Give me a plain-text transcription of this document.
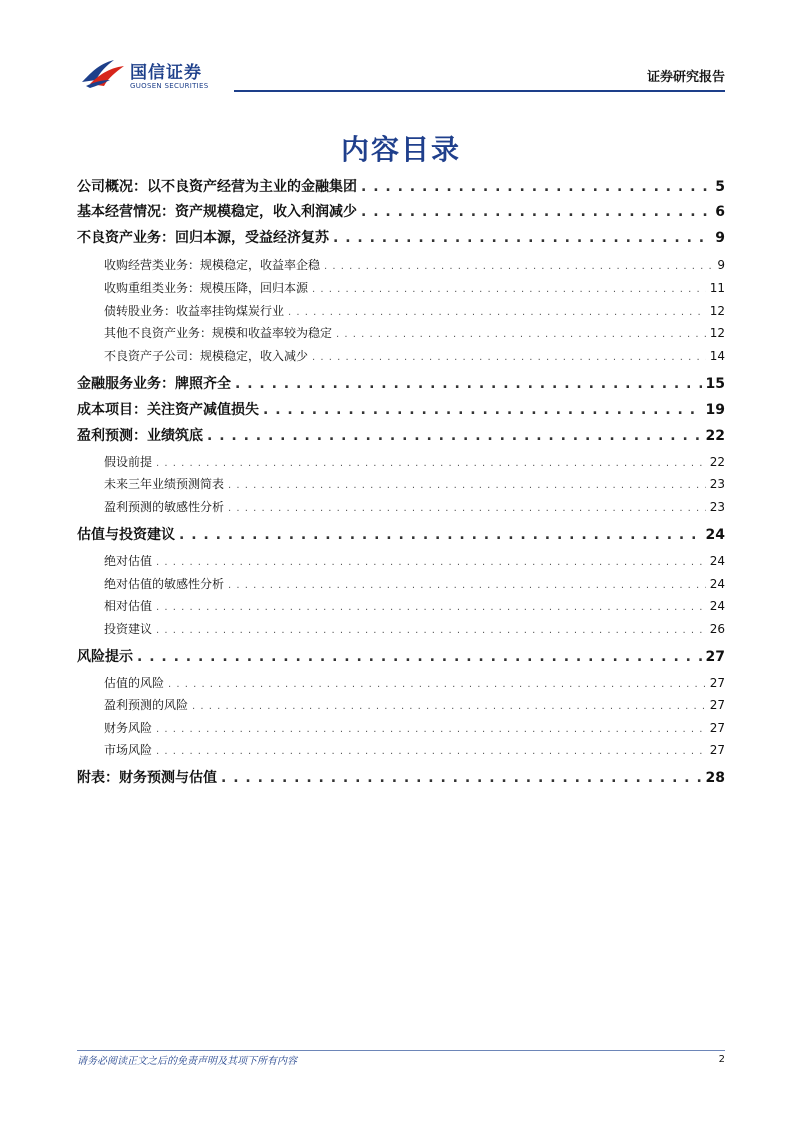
国信证券
GUOSEN SECURITIES
证券研究报告
内容目录
公司概况：以不良资产经营为主业的金融集团 . . .	5
基本经营情况：资产规模稳定，收入利润减少 . . .	6
不良资产业务：回归本源，受益经济复苏 . . .	9
收购经营类业务：规模稳定，收益率企稳 . . .	9
收购重组类业务：规模压降，回归本源 . . .	11
债转股业务：收益率挂钩煤炭行业 . . .	12
其他不良资产业务：规模和收益率较为稳定 . . .	12
不良资产子公司：规模稳定，收入减少 . . .	14
金融服务业务：牌照齐全 . . .	15
成本项目：关注资产减值损失 . . .	19
盈利预测：业绩筑底 . . .	22
假设前提 . . .	22
未来三年业绩预测简表 . . .	23
盈利预测的敏感性分析 . . .	23
估值与投资建议 . . .	24
绝对估值 . . .	24
绝对估值的敏感性分析 . . .	24
相对估值 . . .	24
投资建议 . . .	26
风险提示 . . .	27
估值的风险 . . .	27
盈利预测的风险 . . .	27
财务风险 . . .	27
市场风险 . . .	27
附表：财务预测与估值 . . .	28
请务必阅读正文之后的免责声明及其项下所有内容	2
